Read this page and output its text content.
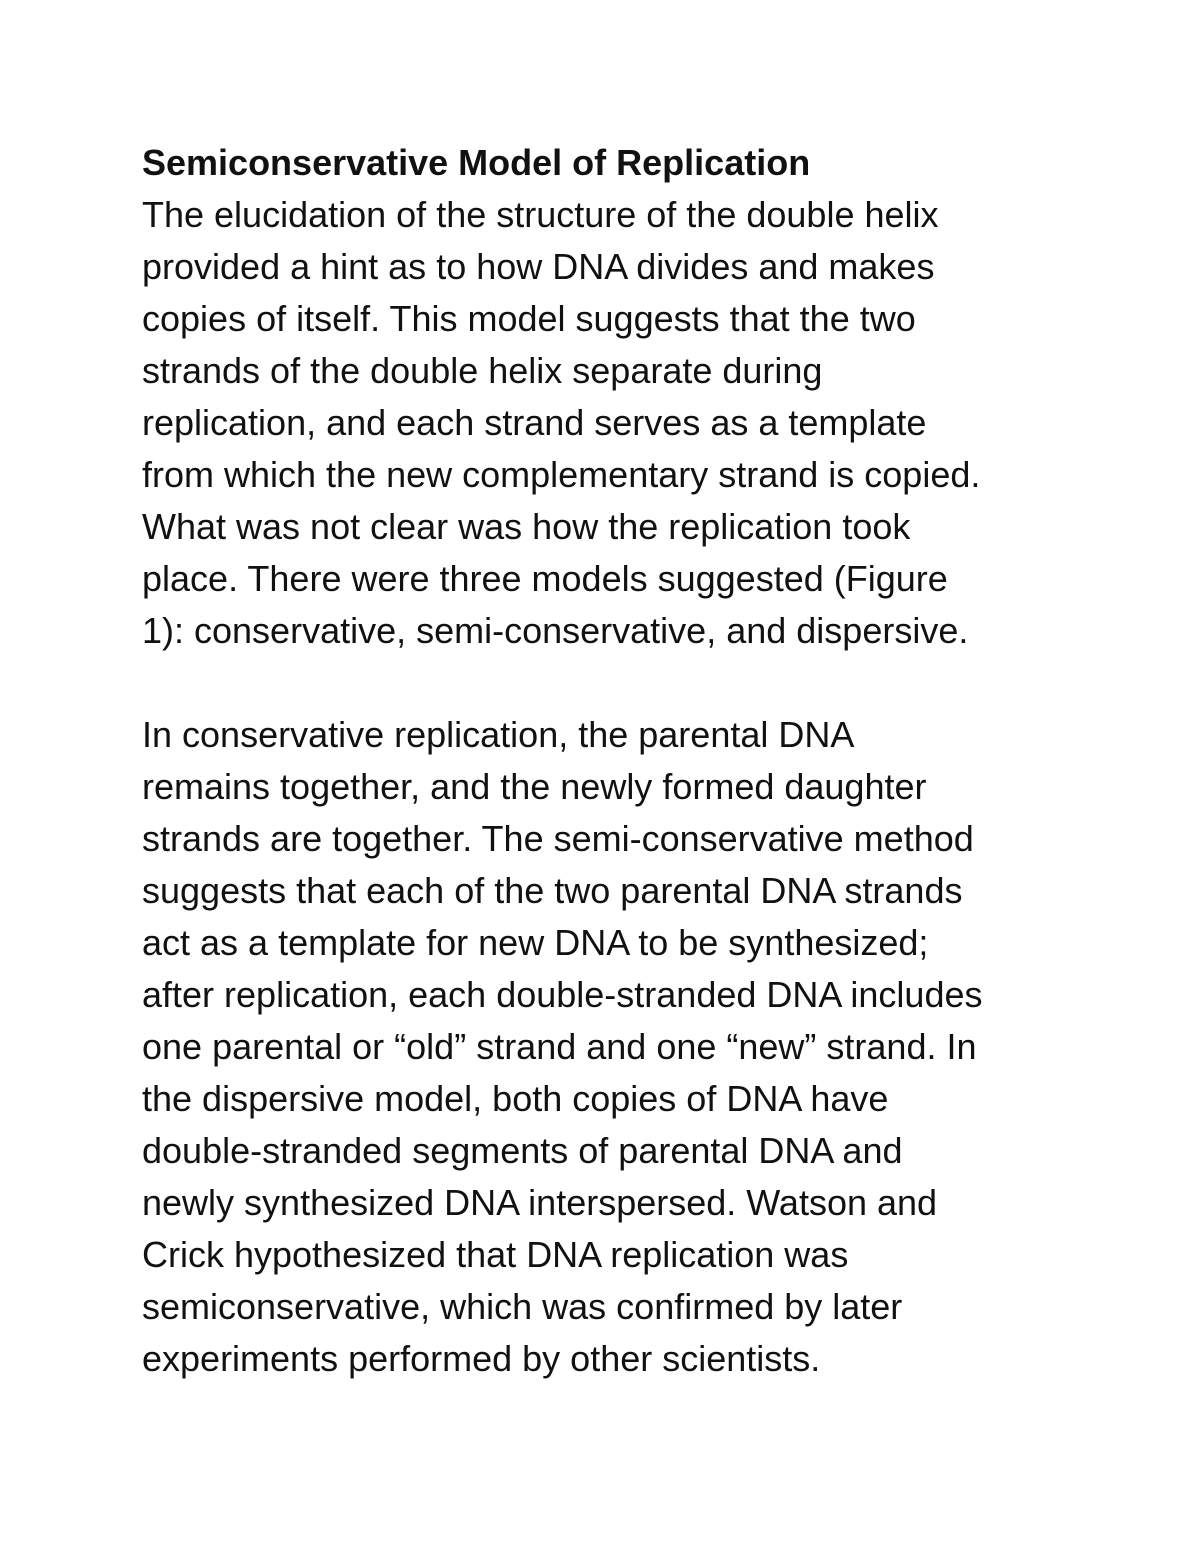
Semiconservative Model of Replication
The elucidation of the structure of the double helix
provided a hint as to how DNA divides and makes
copies of itself. This model suggests that the two
strands of the double helix separate during
replication, and each strand serves as a template
from which the new complementary strand is copied.
What was not clear was how the replication took
place. There were three models suggested (Figure
1): conservative, semi-conservative, and dispersive.
In conservative replication, the parental DNA
remains together, and the newly formed daughter
strands are together. The semi-conservative method
suggests that each of the two parental DNA strands
act as a template for new DNA to be synthesized;
after replication, each double-stranded DNA includes
one parental or “old” strand and one “new” strand. In
the dispersive model, both copies of DNA have
double-stranded segments of parental DNA and
newly synthesized DNA interspersed. Watson and
Crick hypothesized that DNA replication was
semiconservative, which was confirmed by later
experiments performed by other scientists.
